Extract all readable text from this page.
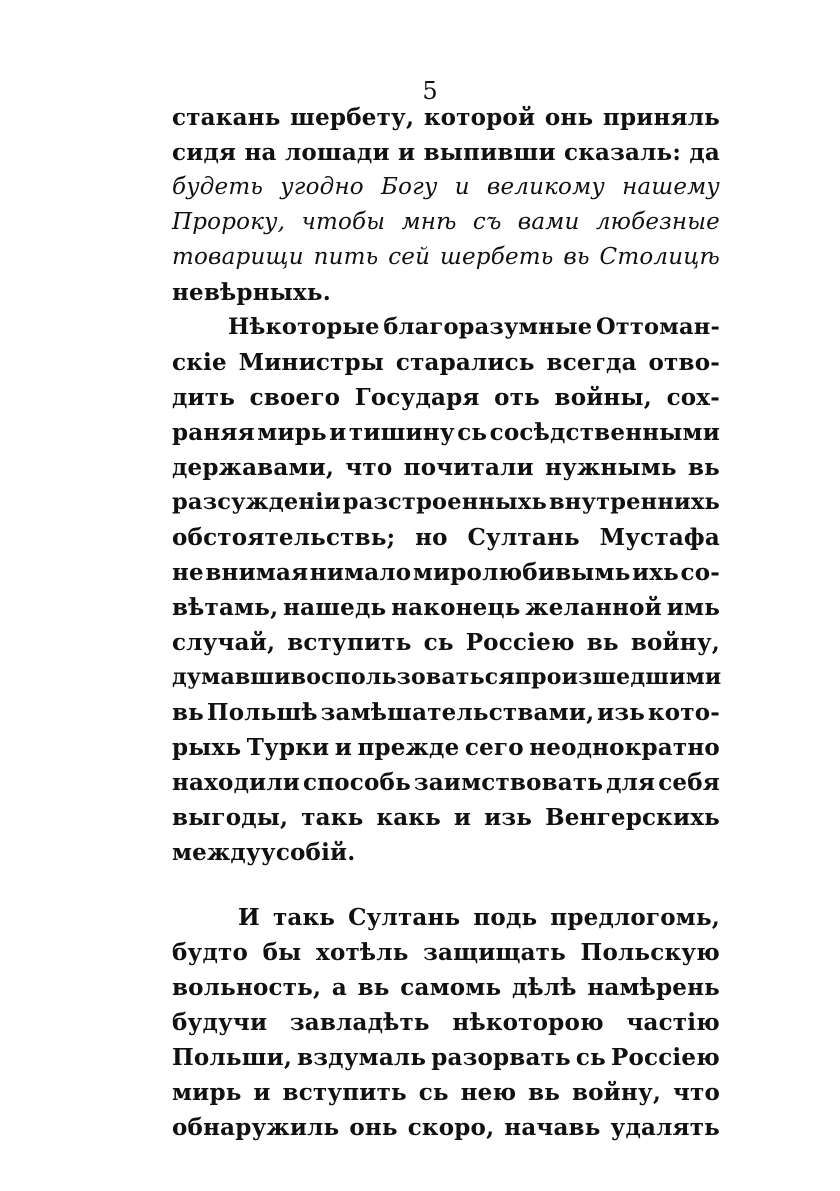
5
стакань шербету, которой онь приняль
сидя на лошади и выпивши сказаль: да
будеть угодно Богу и великому нашему
Пророку, чтобы мнѣ съ вами любезные
товарищи пить сей шербеть вь Столицѣ
невѣрныхь.
Нѣкоторые благоразумные Оттоман-
скіе Министры старались всегда отво-
дить своего Государя оть войны, сох-
раняя мирь и тишину сь сосѣдственными
державами, что почитали нужнымь вь
разсужденіи разстроенныхь внутреннихь
обстоятельствь; но Султань Мустафа
не внимая нимало миролюбивымь ихь со-
вѣтамь, нашедь наконець желанной имь
случай, вступить сь Россіею вь войну,
думавши воспользоваться произшедшими
вь Польшѣ замѣшательствами, изь кото-
рыхь Турки и прежде сего неоднократно
находили способь заимствовать для себя
выгоды, такь какь и изь Венгерскихь
междуусобій.
И такь Султань подь предлогомь,
будто бы хотѣль защищать Польскую
вольность, а вь самомь дѣлѣ намѣрень
будучи завладѣть нѣкоторою частію
Польши, вздумаль разорвать сь Россіею
мирь и вступить сь нею вь войну, что
обнаружиль онь скоро, начавь удалять
